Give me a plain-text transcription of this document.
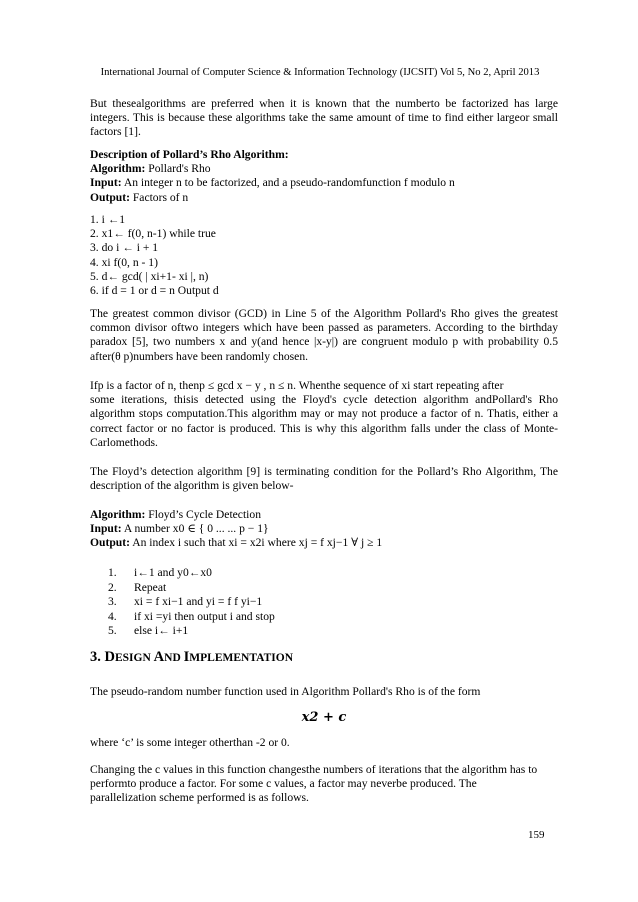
International Journal of Computer Science & Information Technology (IJCSIT) Vol 5, No 2, April 2013

But thesealgorithms are preferred when it is known that the numberto be factorized has large integers. This is because these algorithms take the same amount of time to find either largeor small factors [1].

Description of Pollard’s Rho Algorithm:
Algorithm: Pollard's Rho
Input: An integer n to be factorized, and a pseudo-randomfunction f modulo n
Output: Factors of n
1. i ←1
2. x1← f(0, n-1) while true
3. do i ← i + 1
4. xi f(0, n - 1)
5. d← gcd( | xi+1- xi |, n)
6. if d = 1 or d = n Output d

The greatest common divisor (GCD) in Line 5 of the Algorithm Pollard's Rho gives the greatest common divisor oftwo integers which have been passed as parameters. According to the birthday paradox [5], two numbers x and y(and hence |x-y|) are congruent modulo p with probability 0.5 after(θ p)numbers have been randomly chosen.

Ifp is a factor of n, thenp ≤ gcd x − y , n ≤ n. Whenthe sequence of xi start repeating after

some iterations, thisis detected using the Floyd's cycle detection algorithm andPollard's Rho algorithm stops computation.This algorithm may or may not produce a factor of n. Thatis, either a correct factor or no factor is produced. This is why this algorithm falls under the class of Monte-Carlomethods.

The Floyd’s detection algorithm [9] is terminating condition for the Pollard’s Rho Algorithm, The description of the algorithm is given below-

Algorithm: Floyd’s Cycle Detection
Input: A number x0 ∈ { 0 ... ... p − 1}
Output: An index i such that xi = x2i where xj = f xj−1 ∀ j ≥ 1
1.	i←1 and y0←x0
2.	Repeat
3.	xi = f xi−1 and yi = f f yi−1
4.	if xi =yi then output i and stop
5.	else i← i+1
3. DESIGN AND IMPLEMENTATION

The pseudo-random number function used in Algorithm Pollard's Rho is of the form

x2 + c

where ‘c’ is some integer otherthan -2 or 0.

Changing the c values in this function changesthe numbers of iterations that the algorithm has to
performto produce a factor. For some c values, a factor may neverbe produced. The
parallelization scheme performed is as follows.
159
